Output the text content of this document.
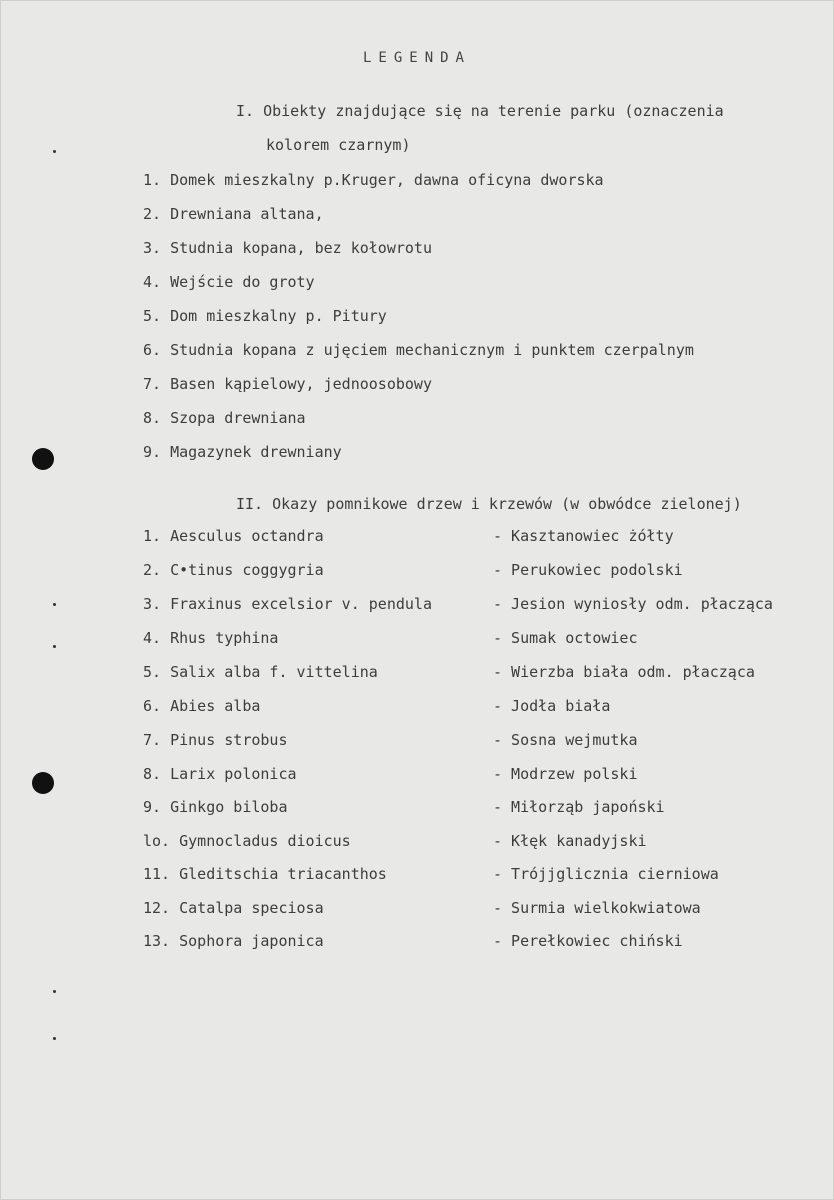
LEGENDA
I. Obiekty znajdujące się na terenie parku (oznaczenia
kolorem czarnym)
1. Domek mieszkalny p.Kruger, dawna oficyna dworska
2. Drewniana altana,
3. Studnia kopana, bez kołowrotu
4. Wejście do groty
5. Dom mieszkalny p. Pitury
6. Studnia kopana z ujęciem mechanicznym i punktem czerpalnym
7. Basen kąpielowy, jednoosobowy
8. Szopa drewniana
9. Magazynek drewniany
II. Okazy pomnikowe drzew i krzewów (w obwódce zielonej)
1. Aesculus octandra	- Kasztanowiec żółty
2. C•tinus coggygria	- Perukowiec podolski
3. Fraxinus excelsior v. pendula	- Jesion wyniosły odm. płacząca
4. Rhus typhina	- Sumak octowiec
5. Salix alba f. vittelina	- Wierzba biała odm. płacząca
6. Abies alba	- Jodła biała
7. Pinus strobus	- Sosna wejmutka
8. Larix polonica	- Modrzew polski
9. Ginkgo biloba	- Miłorząb japoński
lo. Gymnocladus dioicus	- Kłęk kanadyjski
11. Gleditschia triacanthos	- Trójjglicznia cierniowa
12. Catalpa speciosa	- Surmia wielkokwiatowa
13. Sophora japonica	- Perełkowiec chiński
